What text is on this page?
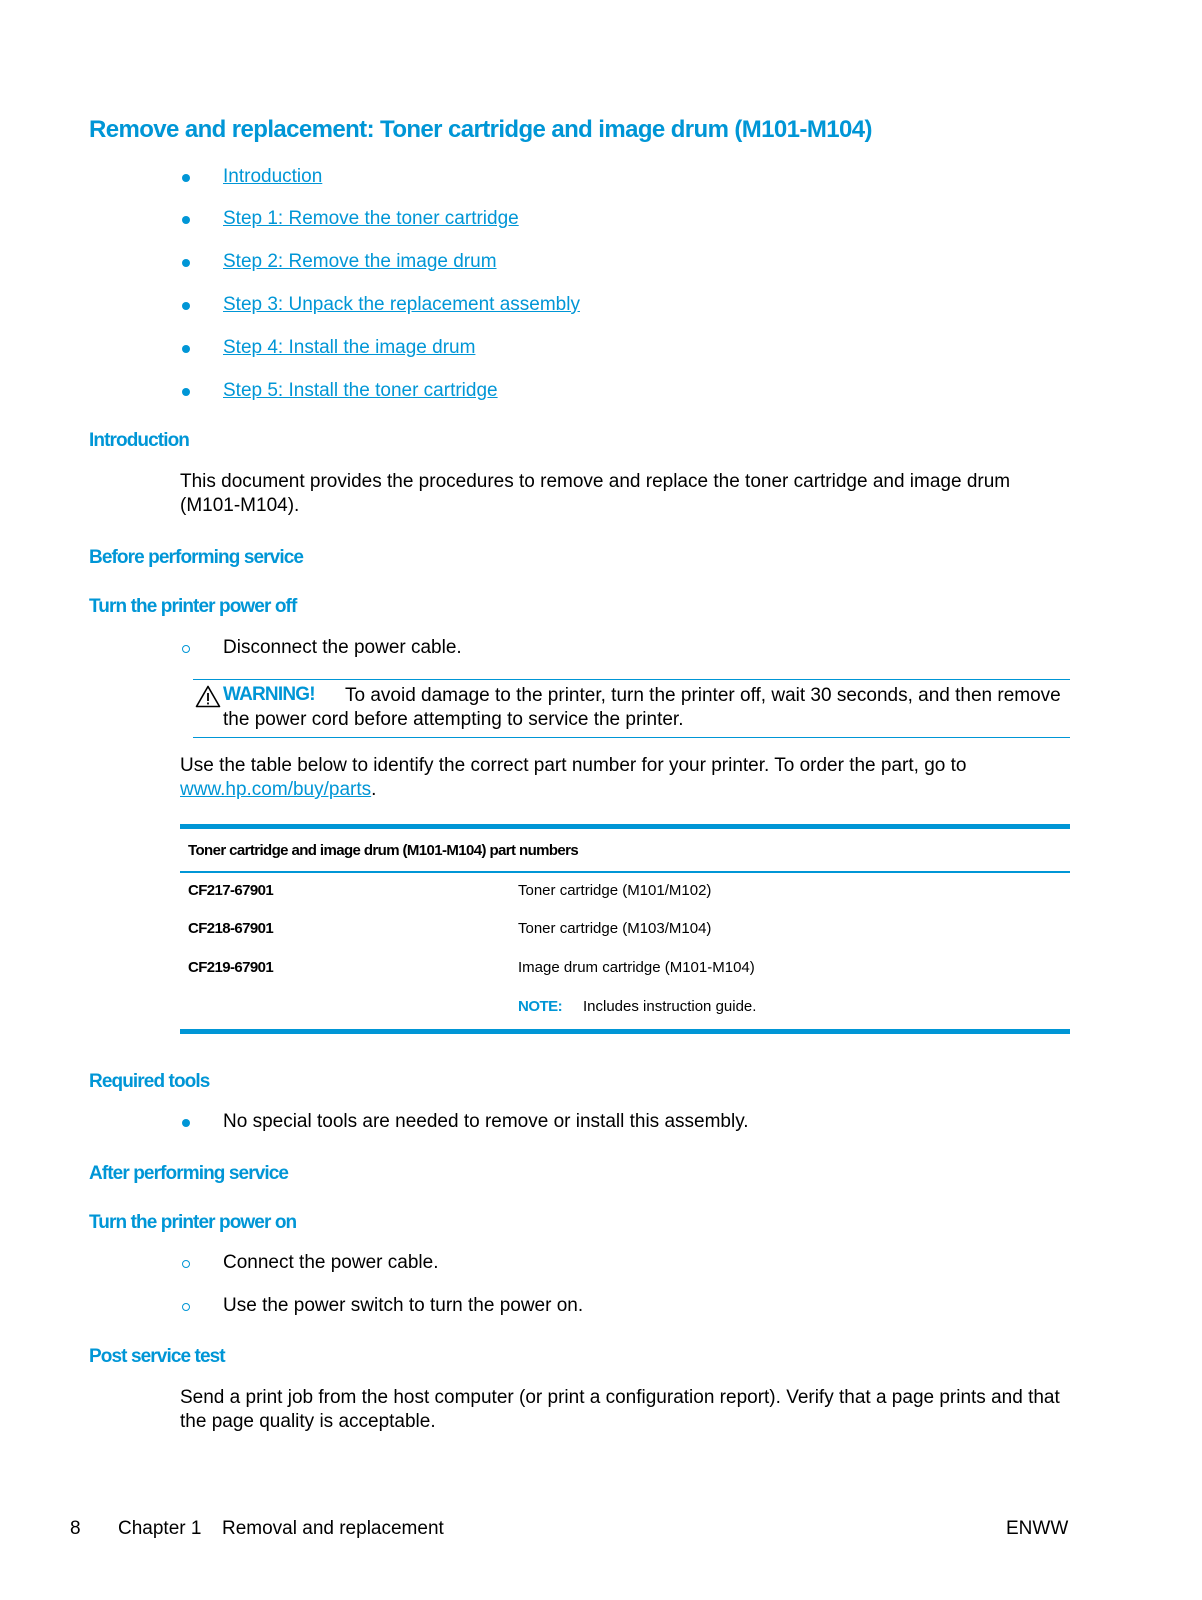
Remove and replacement: Toner cartridge and image drum (M101-M104)
Introduction
Step 1: Remove the toner cartridge
Step 2: Remove the image drum
Step 3: Unpack the replacement assembly
Step 4: Install the image drum
Step 5: Install the toner cartridge
Introduction
This document provides the procedures to remove and replace the toner cartridge and image drum (M101-M104).
Before performing service
Turn the printer power off
Disconnect the power cable.
WARNING!	To avoid damage to the printer, turn the printer off, wait 30 seconds, and then remove the power cord before attempting to service the printer.
Use the table below to identify the correct part number for your printer. To order the part, go to
www.hp.com/buy/parts.
Toner cartridge and image drum (M101-M104) part numbers
CF217-67901	Toner cartridge (M101/M102)
CF218-67901	Toner cartridge (M103/M104)
CF219-67901	Image drum cartridge (M101-M104)
NOTE: Includes instruction guide.
Required tools
No special tools are needed to remove or install this assembly.
After performing service
Turn the printer power on
Connect the power cable.
Use the power switch to turn the power on.
Post service test
Send a print job from the host computer (or print a configuration report). Verify that a page prints and that the page quality is acceptable.
8 Chapter 1 Removal and replacement	ENWW
